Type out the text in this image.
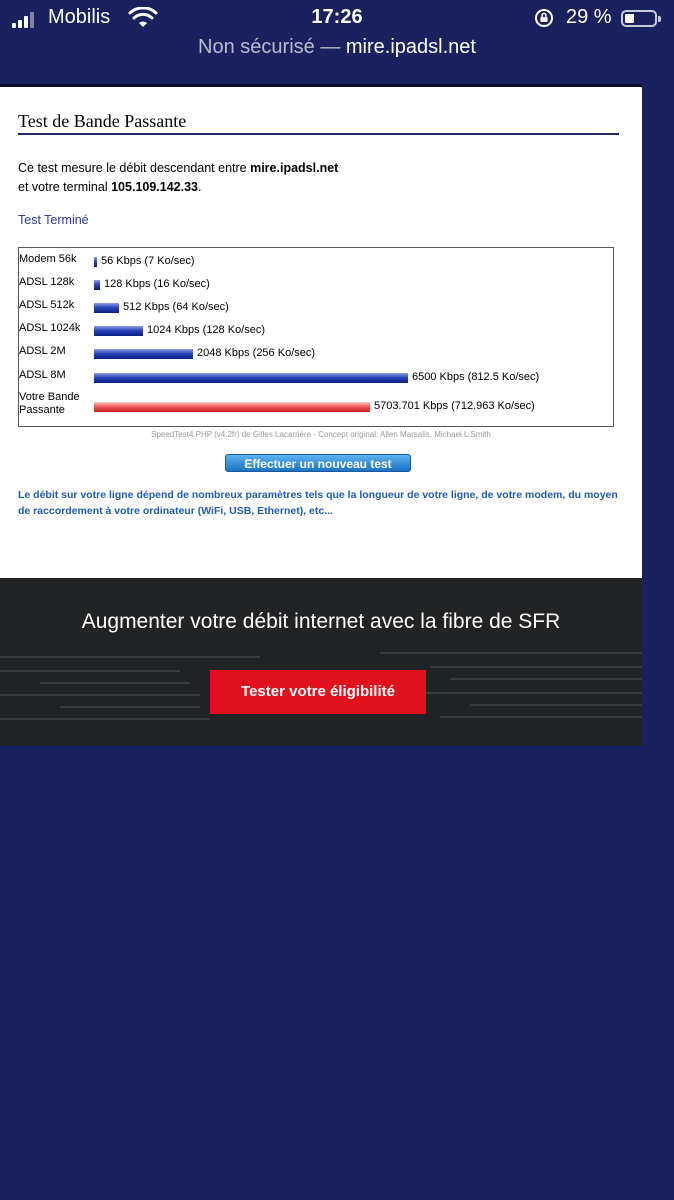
Mobilis	17:26	29 %
Non sécurisé — mire.ipadsl.net
Test de Bande Passante
Ce test mesure le débit descendant entre mire.ipadsl.net
et votre terminal 105.109.142.33.
Test Terminé
Modem 56k 56 Kbps (7 Ko/sec)
ADSL 128k	128 Kbps (16 Ko/sec)
ADSL 512k	512 Kbps (64 Ko/sec)
ADSL 1024k	1024 Kbps (128 Ko/sec)
ADSL 2M	2048 Kbps (256 Ko/sec)
ADSL 8M	6500 Kbps (812.5 Ko/sec)
Votre Bande Passante	5703.701 Kbps (712.963 Ko/sec)
SpeedTest4.PHP (v4.2fr) de Gilles Lacarrière - Concept original: Allen Marsalis, Michael L Smith
Effectuer un nouveau test
Le débit sur votre ligne dépend de nombreux paramètres tels que la longueur de votre ligne, de votre modem, du moyen de raccordement à votre ordinateur (WiFi, USB, Ethernet), etc...
Augmenter votre débit internet avec la fibre de SFR
Tester votre éligibilité
